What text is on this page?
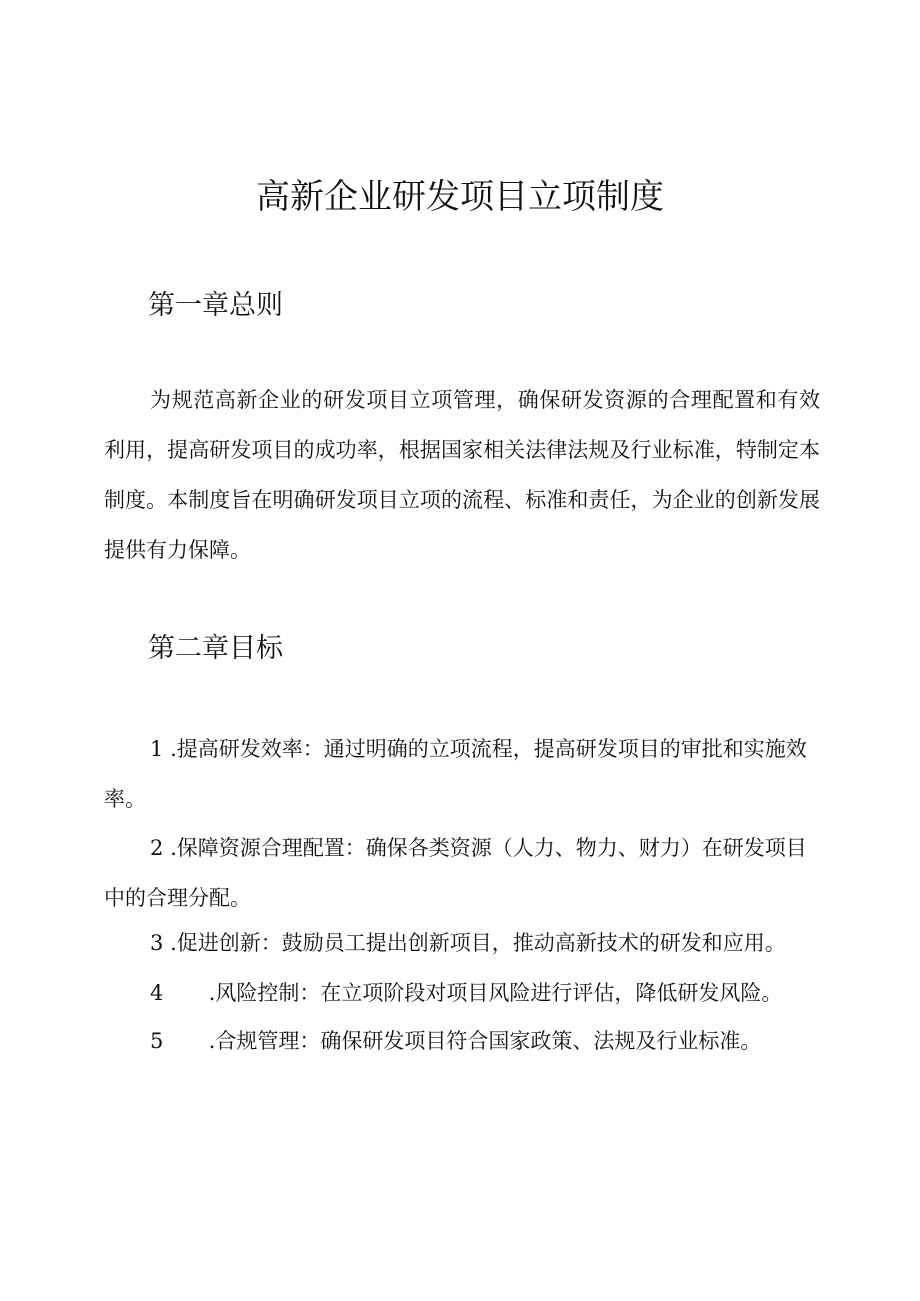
高新企业研发项目立项制度
第一章总则

为规范高新企业的研发项目立项管理，确保研发资源的合理配置和有效利用，提高研发项目的成功率，根据国家相关法律法规及行业标准，特制定本制度。本制度旨在明确研发项目立项的流程、标准和责任，为企业的创新发展提供有力保障。

第二章目标

1 .提高研发效率：通过明确的立项流程，提高研发项目的审批和实施效率。

2 .保障资源合理配置：确保各类资源（人力、物力、财力）在研发项目中的合理分配。

3 .促进创新：鼓励员工提出创新项目，推动高新技术的研发和应用。

4 .风险控制：在立项阶段对项目风险进行评估，降低研发风险。

5 .合规管理：确保研发项目符合国家政策、法规及行业标准。
